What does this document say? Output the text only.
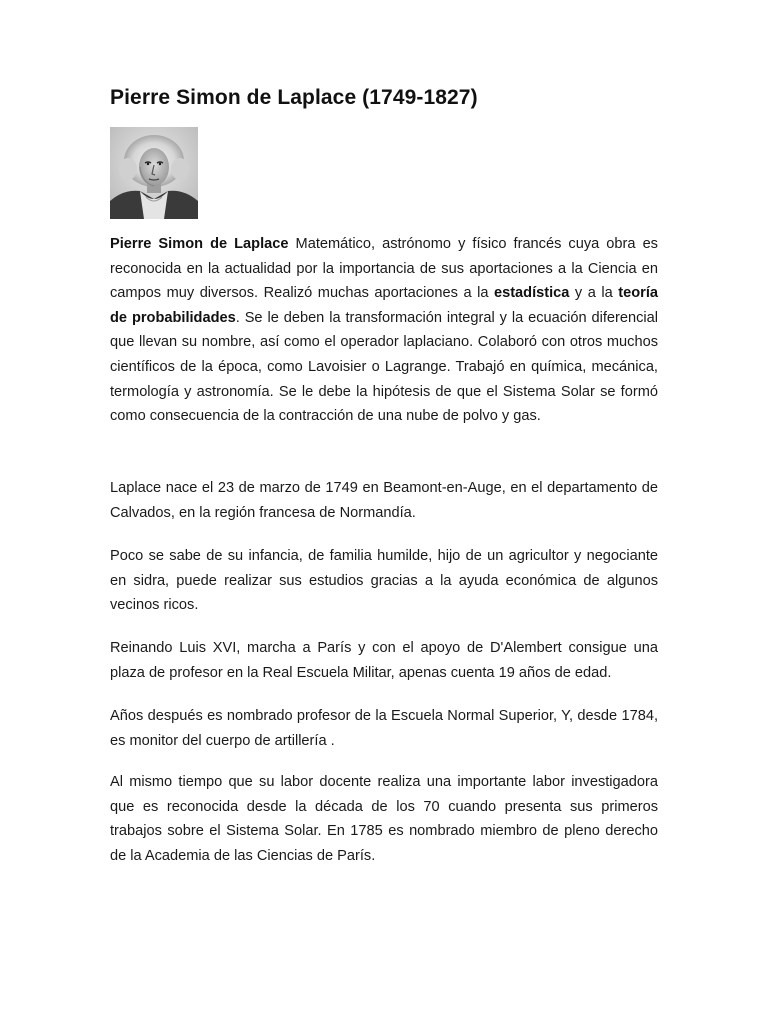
Pierre Simon de Laplace (1749-1827)

Pierre Simon de Laplace Matemático, astrónomo y físico francés cuya obra es reconocida en la actualidad por la importancia de sus aportaciones a la Ciencia en campos muy diversos. Realizó muchas aportaciones a la estadística y a la teoría de probabilidades. Se le deben la transformación integral y la ecuación diferencial que llevan su nombre, así como el operador laplaciano. Colaboró con otros muchos científicos de la época, como Lavoisier o Lagrange. Trabajó en química, mecánica, termología y astronomía. Se le debe la hipótesis de que el Sistema Solar se formó como consecuencia de la contracción de una nube de polvo y gas.

Laplace nace el 23 de marzo de 1749 en Beamont-en-Auge, en el departamento de Calvados, en la región francesa de Normandía.

Poco se sabe de su infancia, de familia humilde, hijo de un agricultor y negociante en sidra, puede realizar sus estudios gracias a la ayuda económica de algunos vecinos ricos.

Reinando Luis XVI, marcha a París y con el apoyo de D'Alembert consigue una plaza de profesor en la Real Escuela Militar, apenas cuenta 19 años de edad.

Años después es nombrado profesor de la Escuela Normal Superior, Y, desde 1784, es monitor del cuerpo de artillería .

Al mismo tiempo que su labor docente realiza una importante labor investigadora que es reconocida desde la década de los 70 cuando presenta sus primeros trabajos sobre el Sistema Solar. En 1785 es nombrado miembro de pleno derecho de la Academia de las Ciencias de París.
